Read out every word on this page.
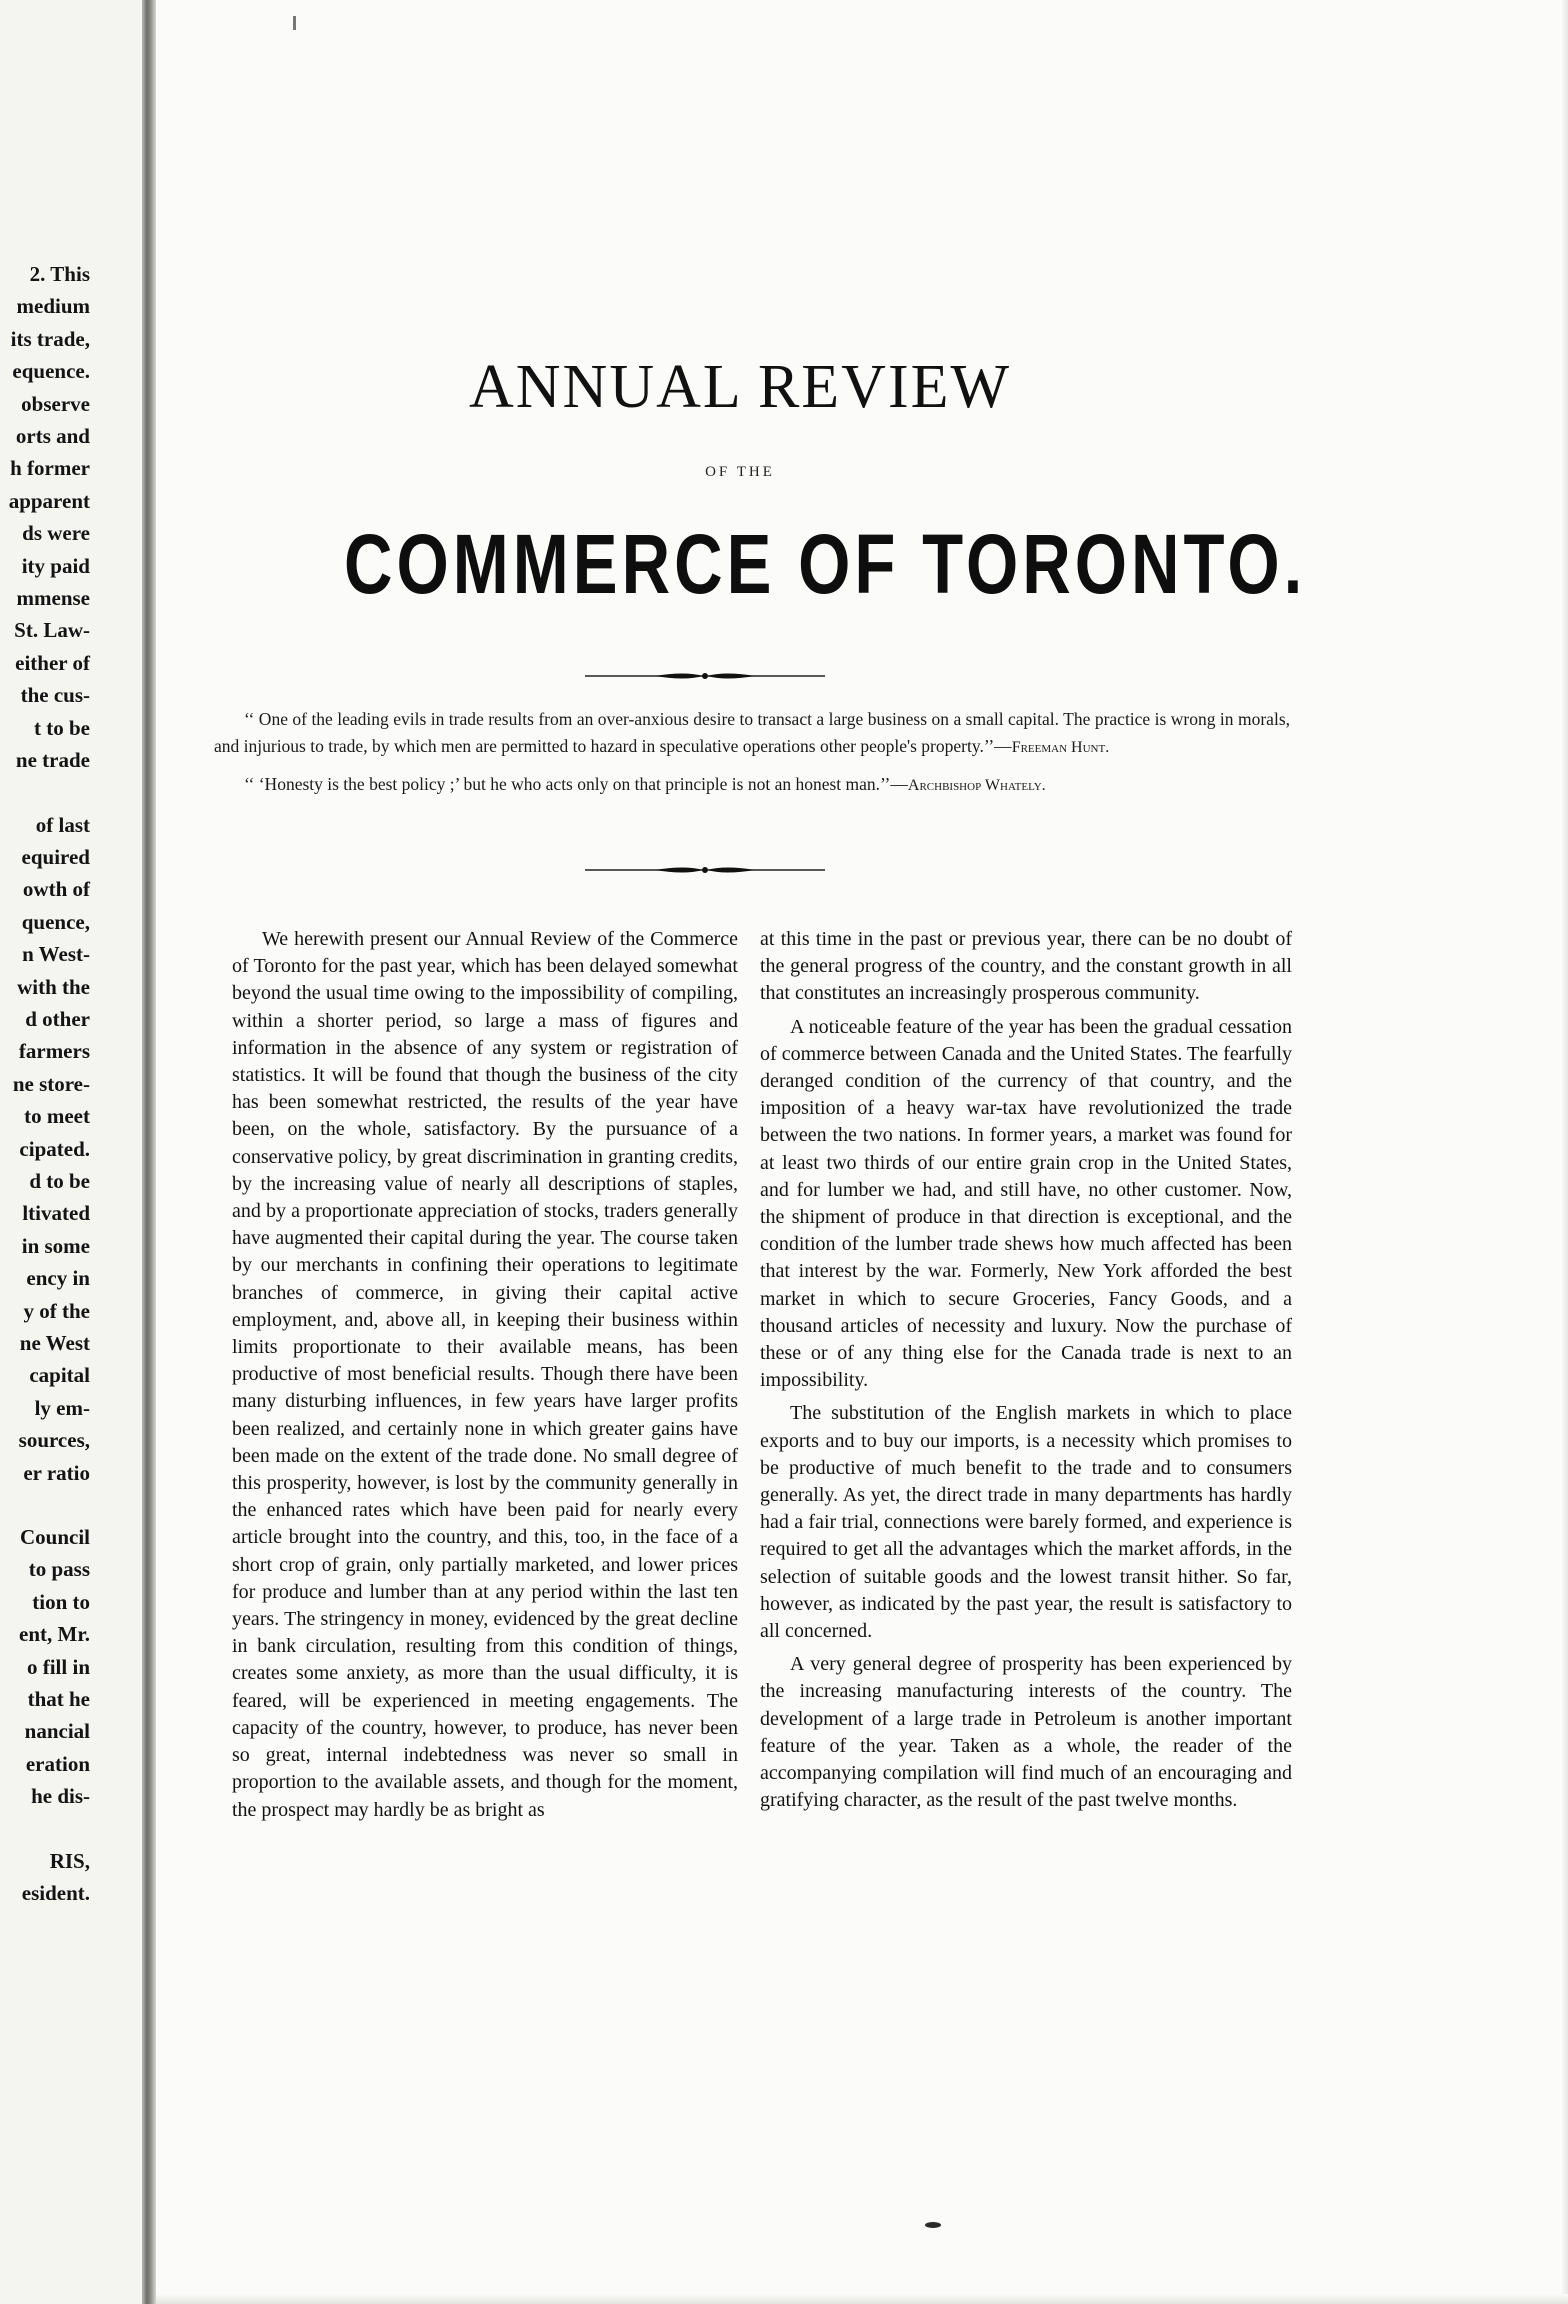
2. This
medium
its trade,
equence.
observe
orts and
h former
apparent
ds were
ity paid
mmense
St. Law-
either of
the cus-
t to be
ne trade
of last
equired
owth of
quence,
n West-
with the
d other
farmers
ne store-
to meet
cipated.
d to be
ltivated
in some
ency in
y of the
ne West
capital
ly em-
sources,
er ratio
Council
to pass
tion to
ent, Mr.
o fill in
that he
nancial
eration
he dis-
RIS,
esident.
ANNUAL REVIEW
OF THE
COMMERCE OF TORONTO.

‘‘ One of the leading evils in trade results from an over-anxious desire to transact a large business on a small capital. The practice is wrong in morals, and injurious to trade, by which men are permitted to hazard in speculative operations other people's property.’’—Freeman Hunt.

‘‘ ‘Honesty is the best policy ;’ but he who acts only on that principle is not an honest man.’’—Archbishop Whately.

We herewith present our Annual Review of the Commerce of Toronto for the past year, which has been delayed somewhat beyond the usual time owing to the impossibility of compiling, within a shorter period, so large a mass of figures and information in the absence of any system or registration of statistics. It will be found that though the business of the city has been somewhat restricted, the results of the year have been, on the whole, satisfactory. By the pursuance of a conservative policy, by great discrimination in granting credits, by the increasing value of nearly all descriptions of staples, and by a proportionate appreciation of stocks, traders generally have augmented their capital during the year. The course taken by our merchants in confining their operations to legitimate branches of commerce, in giving their capital active employment, and, above all, in keeping their business within limits proportionate to their available means, has been productive of most beneficial results. Though there have been many disturbing influences, in few years have larger profits been realized, and certainly none in which greater gains have been made on the extent of the trade done. No small degree of this prosperity, however, is lost by the community generally in the enhanced rates which have been paid for nearly every article brought into the country, and this, too, in the face of a short crop of grain, only partially marketed, and lower prices for produce and lumber than at any period within the last ten years. The stringency in money, evidenced by the great decline in bank circulation, resulting from this condition of things, creates some anxiety, as more than the usual difficulty, it is feared, will be experienced in meeting engagements. The capacity of the country, however, to produce, has never been so great, internal indebtedness was never so small in proportion to the available assets, and though for the moment, the prospect may hardly be as bright as

at this time in the past or previous year, there can be no doubt of the general progress of the country, and the constant growth in all that constitutes an increasingly prosperous community.

A noticeable feature of the year has been the gradual cessation of commerce between Canada and the United States. The fearfully deranged condition of the currency of that country, and the imposition of a heavy war-tax have revolutionized the trade between the two nations. In former years, a market was found for at least two thirds of our entire grain crop in the United States, and for lumber we had, and still have, no other customer. Now, the shipment of produce in that direction is exceptional, and the condition of the lumber trade shews how much affected has been that interest by the war. Formerly, New York afforded the best market in which to secure Groceries, Fancy Goods, and a thousand articles of necessity and luxury. Now the purchase of these or of any thing else for the Canada trade is next to an impossibility.

The substitution of the English markets in which to place exports and to buy our imports, is a necessity which promises to be productive of much benefit to the trade and to consumers generally. As yet, the direct trade in many departments has hardly had a fair trial, connections were barely formed, and experience is required to get all the advantages which the market affords, in the selection of suitable goods and the lowest transit hither. So far, however, as indicated by the past year, the result is satisfactory to all concerned.

A very general degree of prosperity has been experienced by the increasing manufacturing interests of the country. The development of a large trade in Petroleum is another important feature of the year. Taken as a whole, the reader of the accompanying compilation will find much of an encouraging and gratifying character, as the result of the past twelve months.
